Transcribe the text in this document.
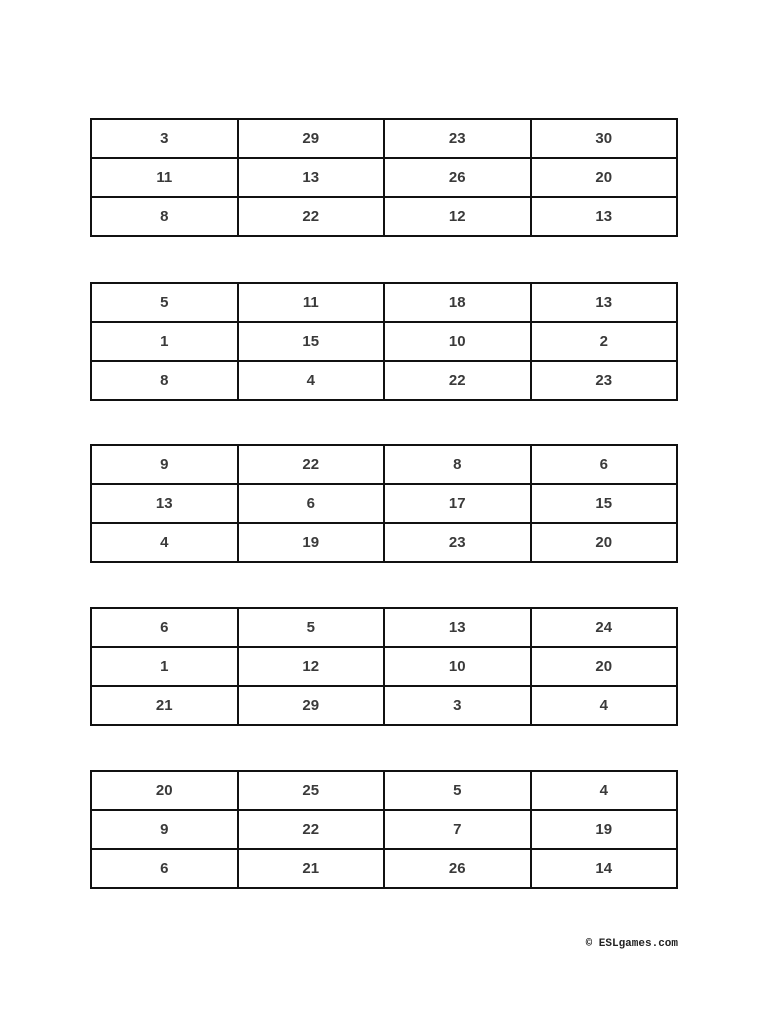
3	29	23	30
11	13	26	20
8	22	12	13
5	11	18	13
1	15	10	2
8	4	22	23
9	22	8	6
13	6	17	15
4	19	23	20
6	5	13	24
1	12	10	20
21	29	3	4
20	25	5	4
9	22	7	19
6	21	26	14
© ESLgames.com
